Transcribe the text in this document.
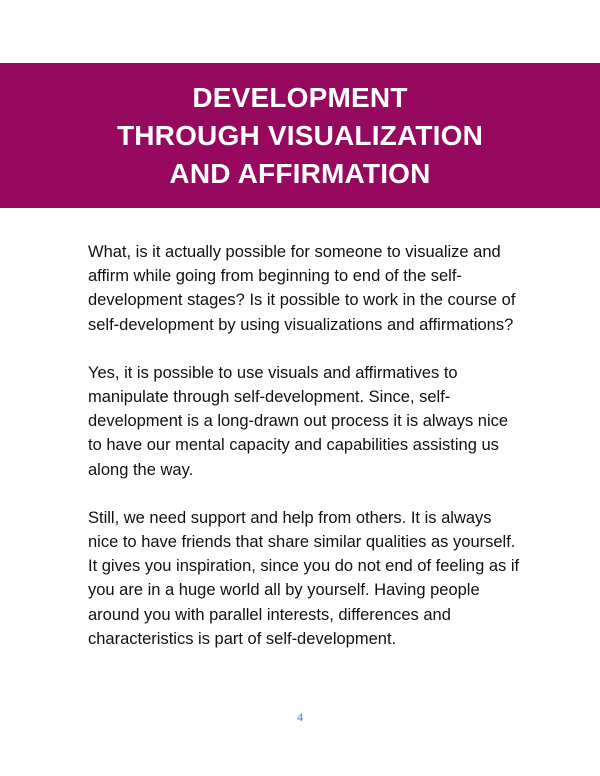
DEVELOPMENT
THROUGH VISUALIZATION
AND AFFIRMATION
What, is it actually possible for someone to visualize and
affirm while going from beginning to end of the self-
development stages? Is it possible to work in the course of
self-development by using visualizations and affirmations?
Yes, it is possible to use visuals and affirmatives to
manipulate through self-development. Since, self-
development is a long-drawn out process it is always nice
to have our mental capacity and capabilities assisting us
along the way.
Still, we need support and help from others. It is always
nice to have friends that share similar qualities as yourself.
It gives you inspiration, since you do not end of feeling as if
you are in a huge world all by yourself. Having people
around you with parallel interests, differences and
characteristics is part of self-development.
4
